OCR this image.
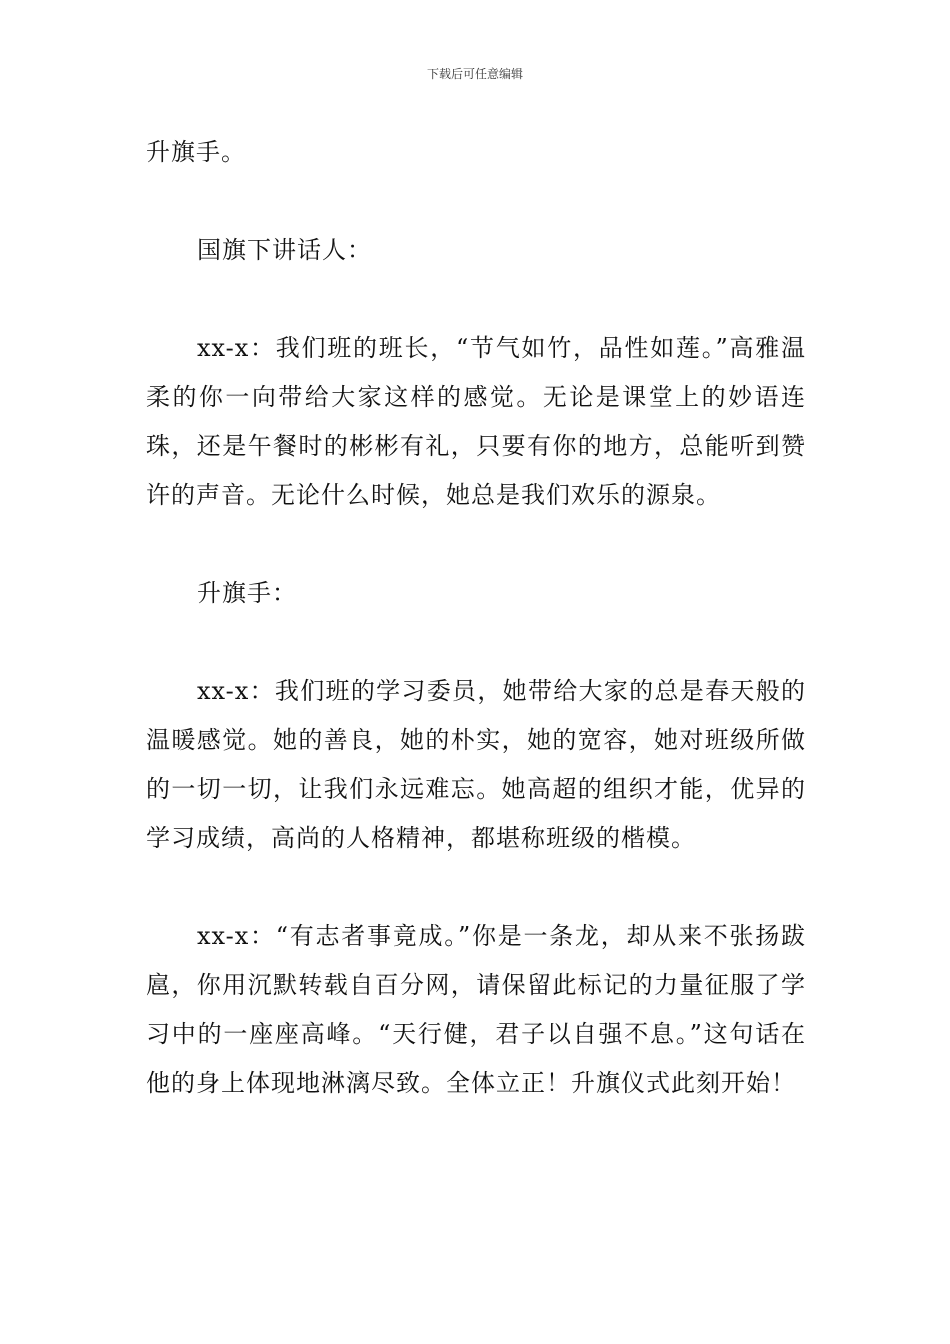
下载后可任意编辑

升旗手。

国旗下讲话人：

xx-x：我们班的班长，“节气如竹，品性如莲。”高雅温柔的你一向带给大家这样的感觉。无论是课堂上的妙语连珠，还是午餐时的彬彬有礼，只要有你的地方，总能听到赞许的声音。无论什么时候，她总是我们欢乐的源泉。

升旗手：

xx-x：我们班的学习委员，她带给大家的总是春天般的温暖感觉。她的善良，她的朴实，她的宽容，她对班级所做的一切一切，让我们永远难忘。她高超的组织才能，优异的学习成绩，高尚的人格精神，都堪称班级的楷模。

xx-x：“有志者事竟成。”你是一条龙，却从来不张扬跋扈，你用沉默转载自百分网，请保留此标记的力量征服了学习中的一座座高峰。“天行健，君子以自强不息。”这句话在他的身上体现地淋漓尽致。全体立正！升旗仪式此刻开始！
